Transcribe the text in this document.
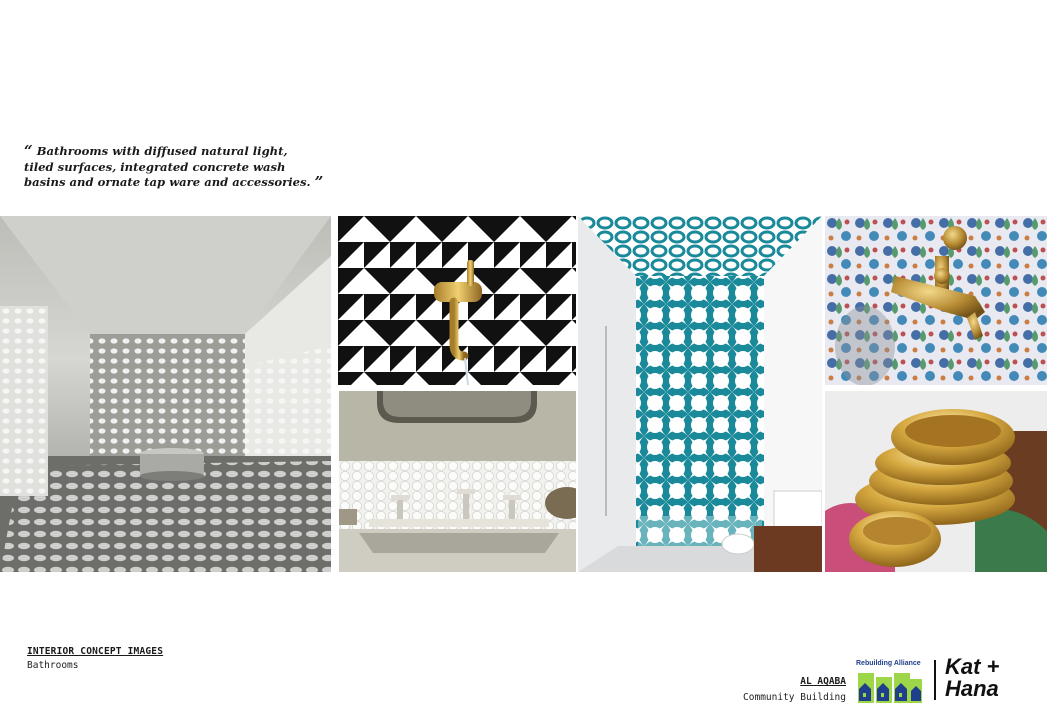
“ Bathrooms with diffused natural light,
tiled surfaces, integrated concrete wash
basins and ornate tap ware and accessories. ”
INTERIOR CONCEPT IMAGES
Bathrooms
AL AQABA
Community Building
Rebuilding Alliance	Kat +
Hana
